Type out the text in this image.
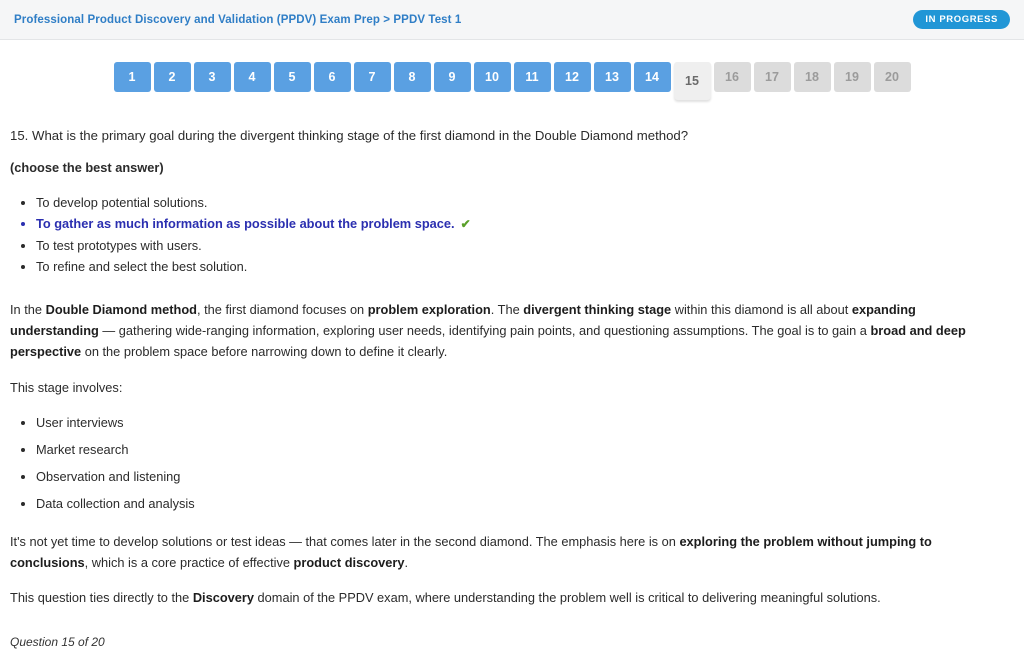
Professional Product Discovery and Validation (PPDV) Exam Prep > PPDV Test 1	IN PROGRESS
1	2	3	4	5	6	7	8	9	10	11	12	13	14	15	16	17	18	19	20

15. What is the primary goal during the divergent thinking stage of the first diamond in the Double Diamond method?

(choose the best answer)

• To develop potential solutions.
• To gather as much information as possible about the problem space. ✔
• To test prototypes with users.
• To refine and select the best solution.

In the Double Diamond method, the first diamond focuses on problem exploration. The divergent thinking stage within this diamond is all about expanding understanding — gathering wide-ranging information, exploring user needs, identifying pain points, and questioning assumptions. The goal is to gain a broad and deep perspective on the problem space before narrowing down to define it clearly.

This stage involves:

• User interviews
• Market research
• Observation and listening
• Data collection and analysis

It's not yet time to develop solutions or test ideas — that comes later in the second diamond. The emphasis here is on exploring the problem without jumping to conclusions, which is a core practice of effective product discovery.

This question ties directly to the Discovery domain of the PPDV exam, where understanding the problem well is critical to delivering meaningful solutions.

Question 15 of 20
